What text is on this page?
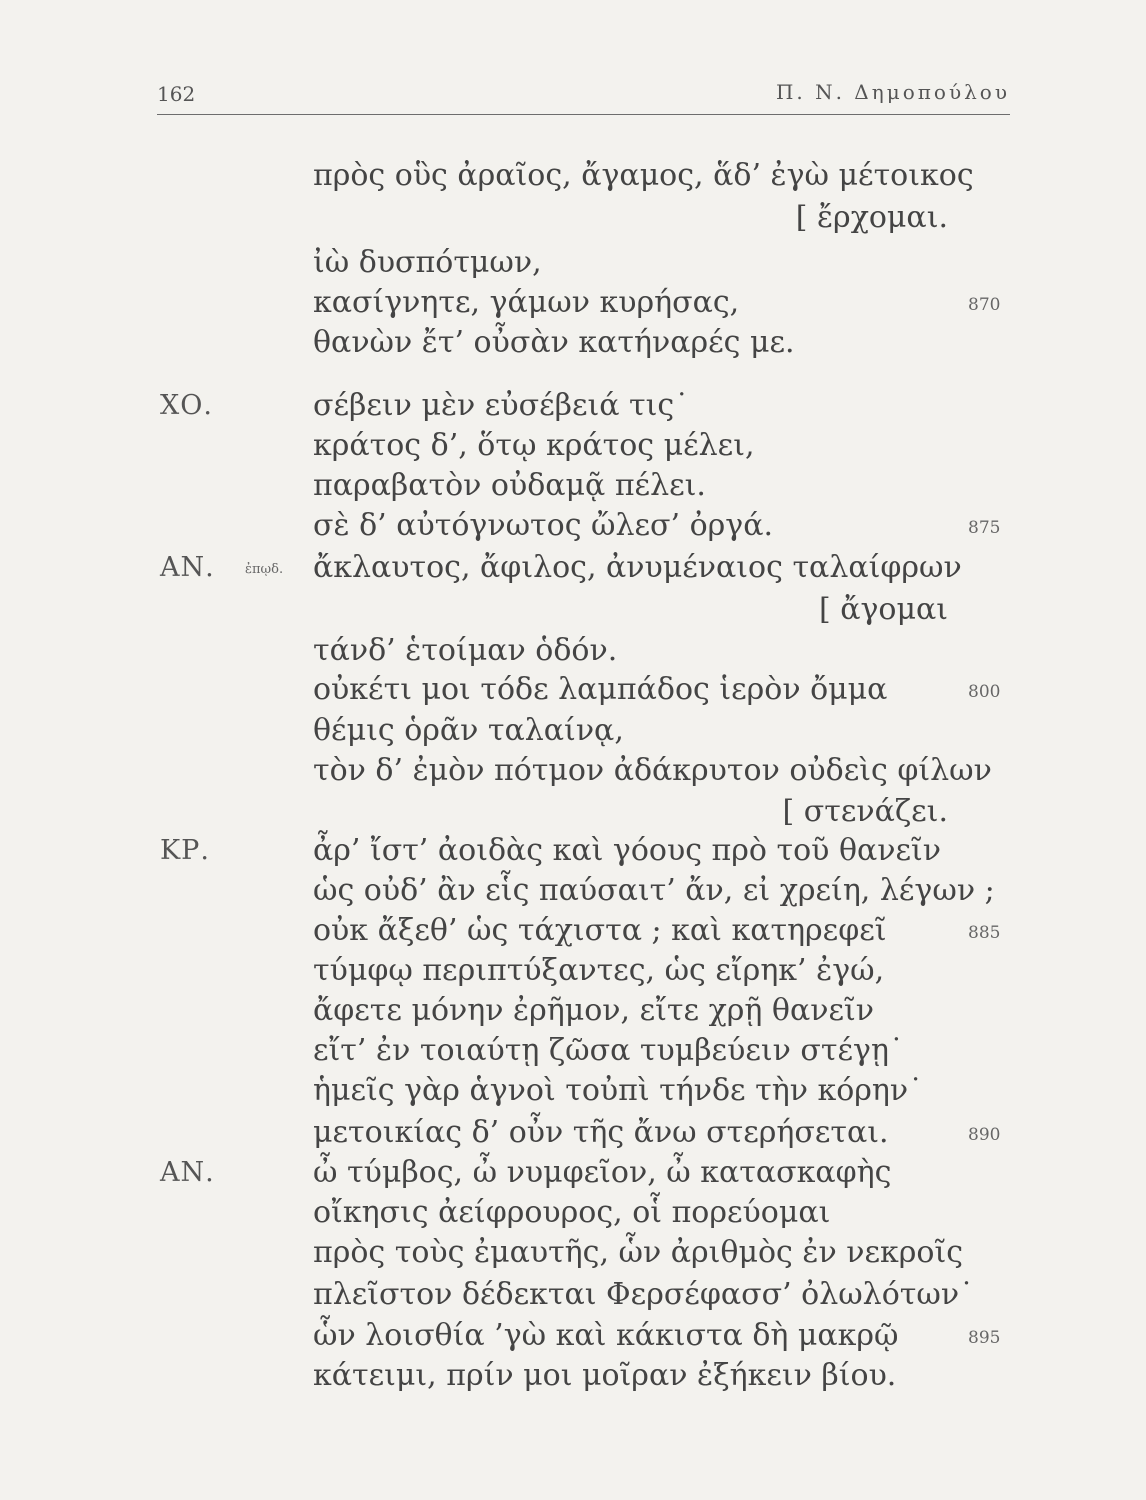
162	Π. Ν. Δημοπούλου
πρὸς οὓς ἀραῖος, ἄγαμος, ἅδ’ ἐγὼ μέτοικος
[ ἔρχομαι.
ἰὼ δυσπότμων,
κασίγνητε, γάμων κυρήσας,	870
θανὼν ἔτ’ οὖσὰν κατήναρές με.
ΧΟ.	σέβειν μὲν εὐσέβειά τις˙
κράτος δ’, ὅτῳ κράτος μέλει,
παραβατὸν οὐδαμᾷ πέλει.
σὲ δ’ αὐτόγνωτος ὤλεσ’ ὀργά.	875
ΑΝ. ἐπῳδ. ἄκλαυτος, ἄφιλος, ἀνυμέναιος ταλαίφρων
[ ἄγομαι
τάνδ’ ἑτοίμαν ὁδόν.
οὐκέτι μοι τόδε λαμπάδος ἱερὸν ὄμμα	800
θέμις ὁρᾶν ταλαίνᾳ,
τὸν δ’ ἐμὸν πότμον ἀδάκρυτον οὐδεὶς φίλων
[ στενάζει.
ΚΡ.	ἆρ’ ἴστ’ ἀοιδὰς καὶ γόους πρὸ τοῦ θανεῖν
ὡς οὐδ’ ἂν εἷς παύσαιτ’ ἄν, εἰ χρείη, λέγων ;
οὐκ ἄξεθ’ ὡς τάχιστα ; καὶ κατηρεφεῖ	885
τύμφῳ περιπτύξαντες, ὡς εἴρηκ’ ἐγώ,
ἄφετε μόνην ἐρῆμον, εἴτε χρῇ θανεῖν
εἴτ’ ἐν τοιαύτῃ ζῶσα τυμβεύειν στέγῃ˙
ἡμεῖς γὰρ ἁγνοὶ τοὐπὶ τήνδε τὴν κόρην˙
μετοικίας δ’ οὖν τῆς ἄνω στερήσεται.	890
ΑΝ.	ὦ τύμβος, ὦ νυμφεῖον, ὦ κατασκαφὴς
οἴκησις ἀείφρουρος, οἷ πορεύομαι
πρὸς τοὺς ἐμαυτῆς, ὧν ἀριθμὸς ἐν νεκροῖς
πλεῖστον δέδεκται Φερσέφασσ’ ὀλωλότων˙
ὧν λοισθία ’γὼ καὶ κάκιστα δὴ μακρῷ	895
κάτειμι, πρίν μοι μοῖραν ἐξήκειν βίου.
